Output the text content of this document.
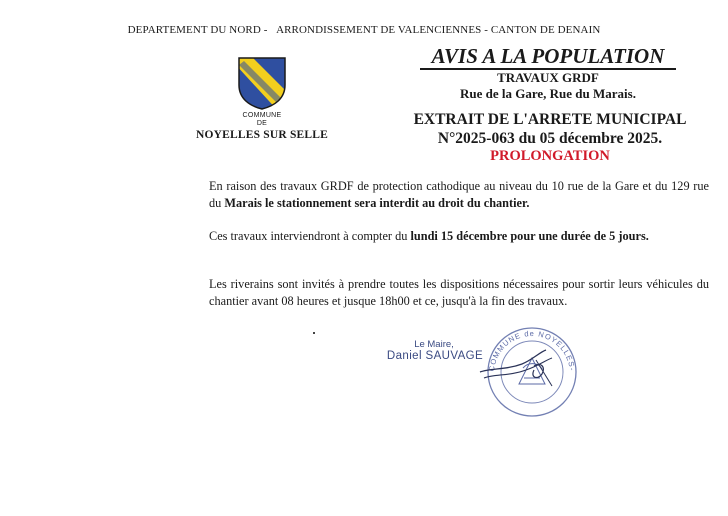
DEPARTEMENT DU NORD - ARRONDISSEMENT DE VALENCIENNES - CANTON DE DENAIN
COMMUNE
DE
NOYELLES SUR SELLE
AVIS A LA POPULATION
TRAVAUX GRDF
Rue de la Gare, Rue du Marais.
EXTRAIT DE L'ARRETE MUNICIPAL
N°2025-063 du 05 décembre 2025.
PROLONGATION
En raison des travaux GRDF de protection cathodique au niveau du 10 rue de la Gare et du 129 rue du Marais le stationnement sera interdit au droit du chantier.
Ces travaux interviendront à compter du lundi 15 décembre pour une durée de 5 jours.
Les riverains sont invités à prendre toutes les dispositions nécessaires pour sortir leurs véhicules du chantier avant 08 heures et jusque 18h00 et ce, jusqu'à la fin des travaux.
Le Maire,
Daniel SAUVAGE
COMMUNE de NOYELLES-
